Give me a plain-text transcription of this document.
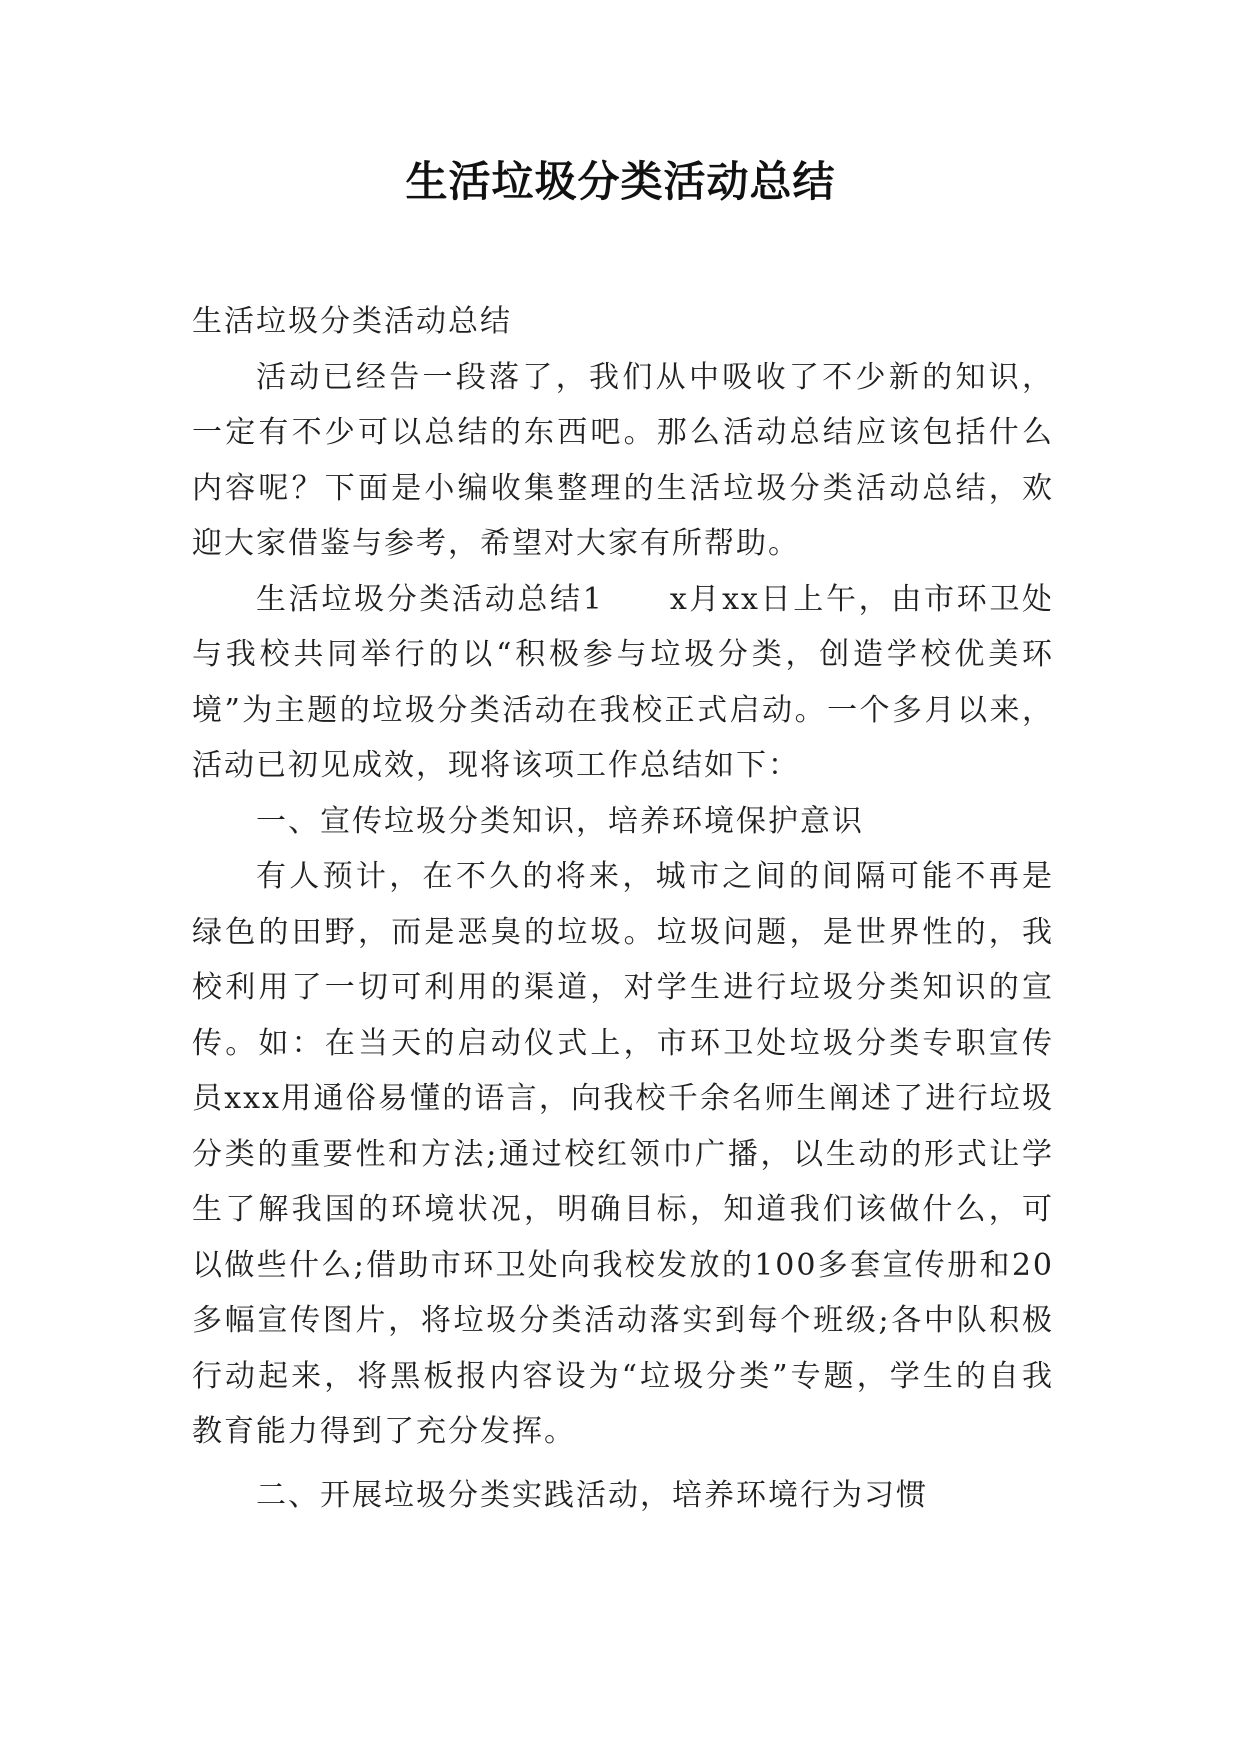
生活垃圾分类活动总结

生活垃圾分类活动总结

活动已经告一段落了，我们从中吸收了不少新的知识，一定有不少可以总结的东西吧。那么活动总结应该包括什么内容呢？下面是小编收集整理的生活垃圾分类活动总结，欢迎大家借鉴与参考，希望对大家有所帮助。

生活垃圾分类活动总结1　　x月xx日上午，由市环卫处与我校共同举行的以“积极参与垃圾分类，创造学校优美环境”为主题的垃圾分类活动在我校正式启动。一个多月以来，活动已初见成效，现将该项工作总结如下：

一、宣传垃圾分类知识，培养环境保护意识

有人预计，在不久的将来，城市之间的间隔可能不再是绿色的田野，而是恶臭的垃圾。垃圾问题，是世界性的，我校利用了一切可利用的渠道，对学生进行垃圾分类知识的宣传。如：在当天的启动仪式上，市环卫处垃圾分类专职宣传员xxx用通俗易懂的语言，向我校千余名师生阐述了进行垃圾分类的重要性和方法;通过校红领巾广播，以生动的形式让学生了解我国的环境状况，明确目标，知道我们该做什么，可以做些什么;借助市环卫处向我校发放的100多套宣传册和20多幅宣传图片，将垃圾分类活动落实到每个班级;各中队积极行动起来，将黑板报内容设为“垃圾分类”专题，学生的自我教育能力得到了充分发挥。

二、开展垃圾分类实践活动，培养环境行为习惯
